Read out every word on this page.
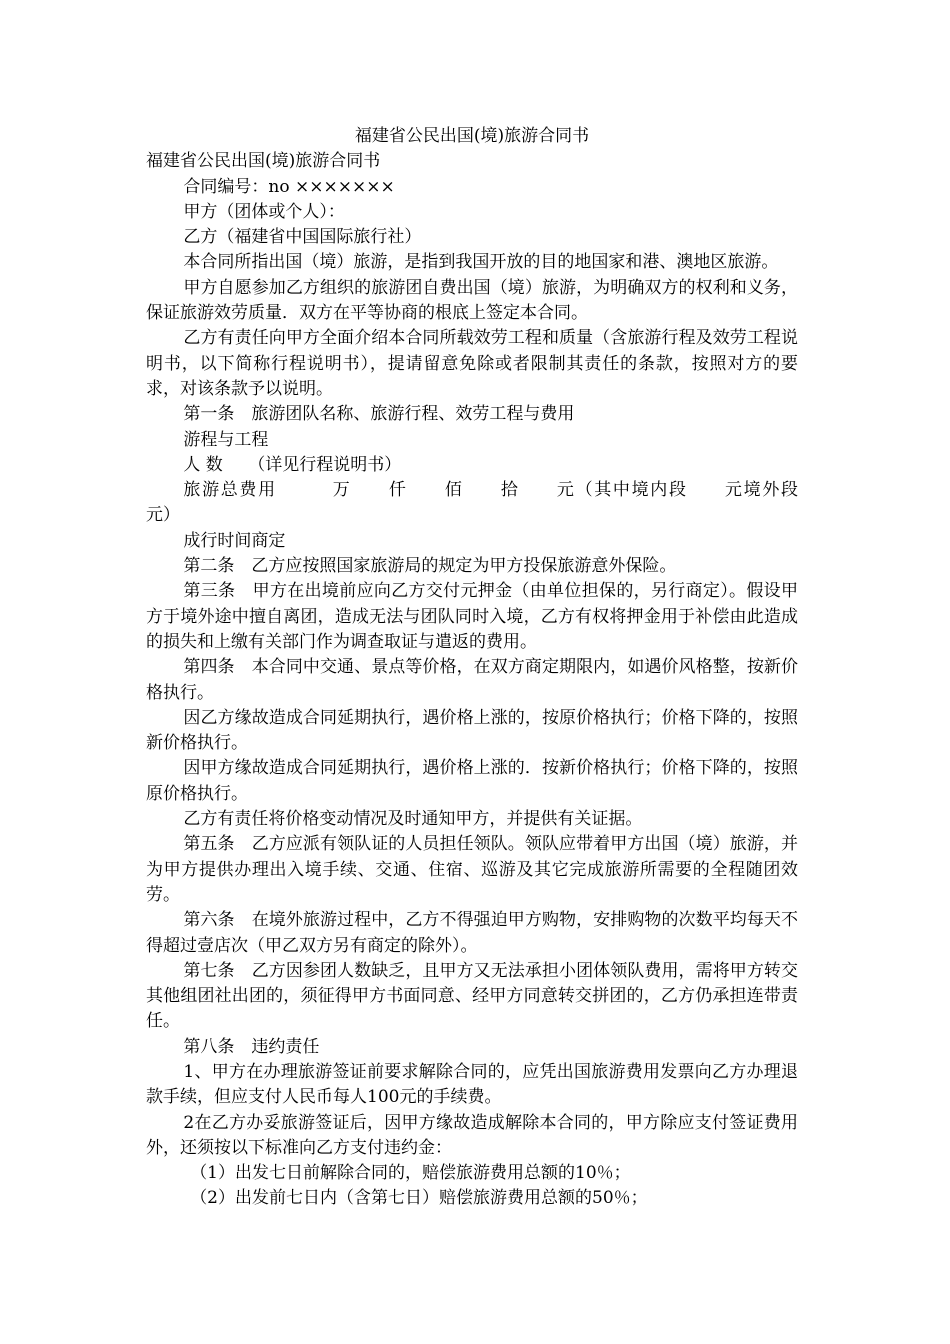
福建省公民出国(境)旅游合同书

福建省公民出国(境)旅游合同书

合同编号：no ×××××××

甲方（团体或个人）：

乙方（福建省中国国际旅行社）

本合同所指出国（境）旅游，是指到我国开放的目的地国家和港、澳地区旅游。

甲方自愿参加乙方组织的旅游团自费出国（境）旅游，为明确双方的权利和义务，保证旅游效劳质量．双方在平等协商的根底上签定本合同。

乙方有责任向甲方全面介绍本合同所载效劳工程和质量（含旅游行程及效劳工程说明书，以下简称行程说明书），提请留意免除或者限制其责任的条款，按照对方的要求，对该条款予以说明。

第一条　旅游团队名称、旅游行程、效劳工程与费用

游程与工程

人 数　　（详见行程说明书）

旅游总费用　　　万　　仟　　佰　　拾　　元（其中境内段　　元境外段　　元）

成行时间商定

第二条　乙方应按照国家旅游局的规定为甲方投保旅游意外保险。

第三条　甲方在出境前应向乙方交付元押金（由单位担保的，另行商定）。假设甲方于境外途中擅自离团，造成无法与团队同时入境，乙方有权将押金用于补偿由此造成的损失和上缴有关部门作为调查取证与遣返的费用。

第四条　本合同中交通、景点等价格，在双方商定期限内，如遇价风格整，按新价格执行。

因乙方缘故造成合同延期执行，遇价格上涨的，按原价格执行；价格下降的，按照新价格执行。

因甲方缘故造成合同延期执行，遇价格上涨的．按新价格执行；价格下降的，按照原价格执行。

乙方有责任将价格变动情况及时通知甲方，并提供有关证据。

第五条　乙方应派有领队证的人员担任领队。领队应带着甲方出国（境）旅游，并为甲方提供办理出入境手续、交通、住宿、巡游及其它完成旅游所需要的全程随团效劳。

第六条　在境外旅游过程中，乙方不得强迫甲方购物，安排购物的次数平均每天不得超过壹店次（甲乙双方另有商定的除外）。

第七条　乙方因参团人数缺乏，且甲方又无法承担小团体领队费用，需将甲方转交其他组团社出团的，须征得甲方书面同意、经甲方同意转交拼团的，乙方仍承担连带责任。

第八条　违约责任

1、甲方在办理旅游签证前要求解除合同的，应凭出国旅游费用发票向乙方办理退款手续，但应支付人民币每人100元的手续费。

2在乙方办妥旅游签证后，因甲方缘故造成解除本合同的，甲方除应支付签证费用外，还须按以下标准向乙方支付违约金：

（1）出发七日前解除合同的，赔偿旅游费用总额的10％；

（2）出发前七日内（含第七日）赔偿旅游费用总额的50％；
